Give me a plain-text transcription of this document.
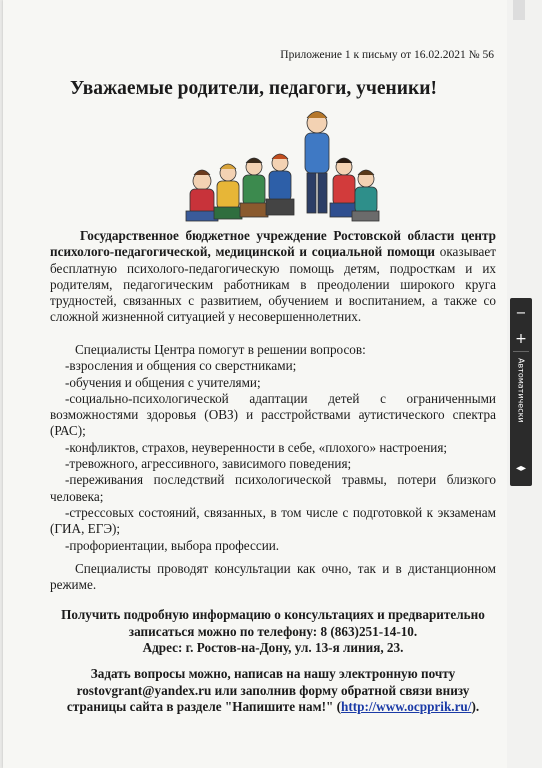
Приложение 1 к письму от 16.02.2021 № 56
Уважаемые родители, педагоги, ученики!
Государственное бюджетное учреждение Ростовской области центр психолого-педагогической, медицинской и социальной помощи оказывает бесплатную психолого-педагогическую помощь детям, подросткам и их родителям, педагогическим работникам в преодолении широкого круга трудностей, связанных с развитием, обучением и воспитанием, а также со сложной жизненной ситуацией у несовершеннолетних.

Специалисты Центра помогут в решении вопросов:

-взросления и общения со сверстниками;

-обучения и общения с учителями;

-социально-психологической адаптации детей с ограниченными возможностями здоровья (ОВЗ) и расстройствами аутистического спектра (РАС);

-конфликтов, страхов, неуверенности в себе, «плохого» настроения;

-тревожного, агрессивного, зависимого поведения;

-переживания последствий психологической травмы, потери близкого человека;

-стрессовых состояний, связанных, в том числе с подготовкой к экзаменам (ГИА, ЕГЭ);

-профориентации, выбора профессии.

Специалисты проводят консультации как очно, так и в дистанционном режиме.
Получить подробную информацию о консультациях и предварительно
записаться можно по телефону: 8 (863)251-14-10.
Адрес: г. Ростов-на-Дону, ул. 13-я линия, 23.
Задать вопросы можно, написав на нашу электронную почту
rostovgrant@yandex.ru или заполнив форму обратной связи внизу
страницы сайта в разделе "Напишите нам!" (http://www.ocpprik.ru/).
−
+
Автоматически
◂▸
